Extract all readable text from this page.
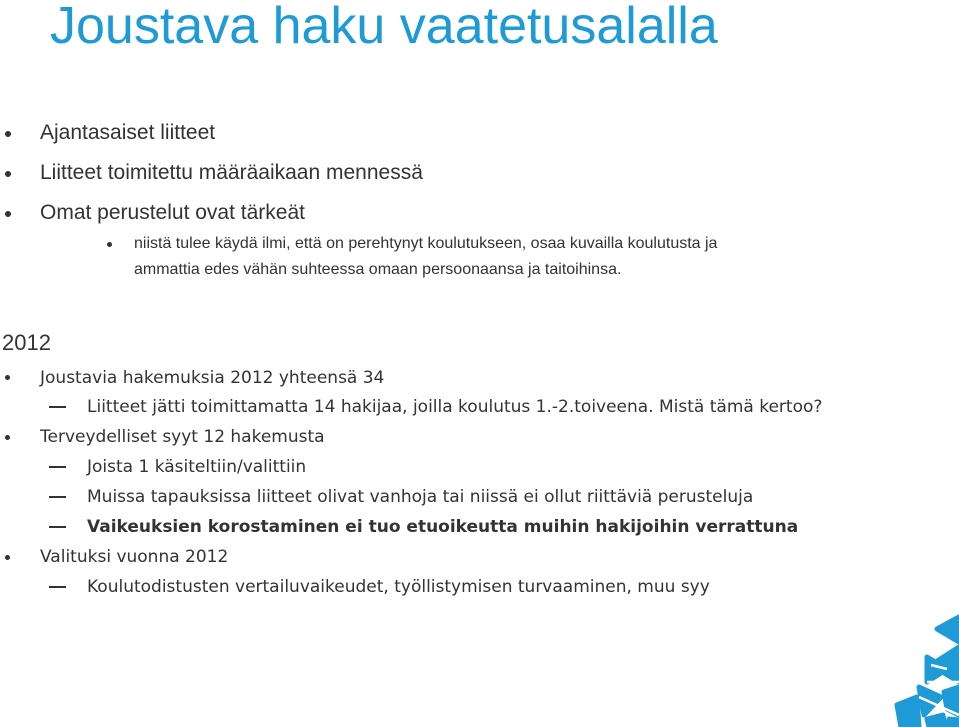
Joustava haku vaatetusalalla
Ajantasaiset liitteet
Liitteet toimitettu määräaikaan mennessä
Omat perustelut ovat tärkeät
niistä tulee käydä ilmi, että on perehtynyt koulutukseen, osaa kuvailla koulutusta ja
ammattia edes vähän suhteessa omaan persoonaansa ja taitoihinsa.
2012
Joustavia hakemuksia 2012 yhteensä 34
Liitteet jätti toimittamatta 14 hakijaa, joilla koulutus 1.-2.toiveena. Mistä tämä kertoo?
Terveydelliset syyt 12 hakemusta
Joista 1 käsiteltiin/valittiin
Muissa tapauksissa liitteet olivat vanhoja tai niissä ei ollut riittäviä perusteluja
Vaikeuksien korostaminen ei tuo etuoikeutta muihin hakijoihin verrattuna
Valituksi vuonna 2012
Koulutodistusten vertailuvaikeudet, työllistymisen turvaaminen, muu syy
